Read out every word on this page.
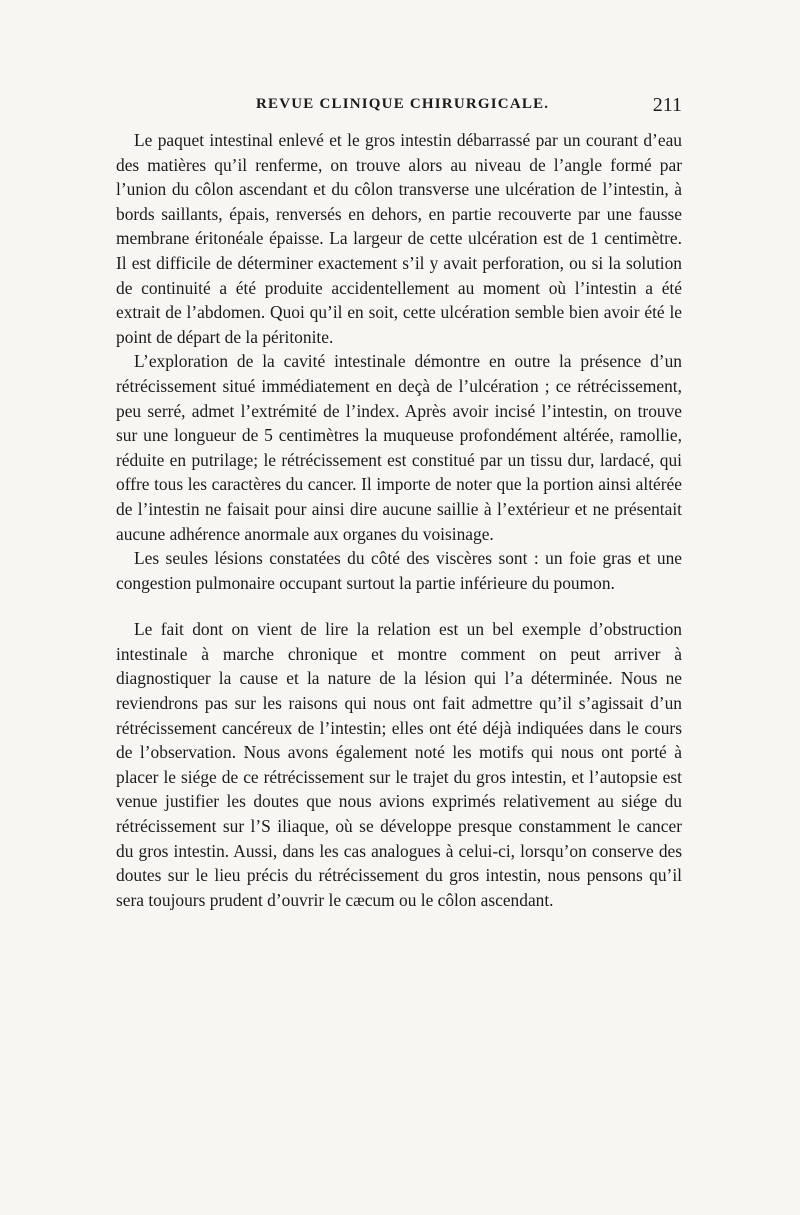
REVUE CLINIQUE CHIRURGICALE.	211

Le paquet intestinal enlevé et le gros intestin débarrassé par un courant d’eau des matières qu’il renferme, on trouve alors au niveau de l’angle formé par l’union du côlon ascendant et du côlon transverse une ulcération de l’intestin, à bords saillants, épais, renversés en dehors, en partie recouverte par une fausse membrane éritonéale épaisse. La largeur de cette ulcération est de 1 centimètre. Il est difficile de déterminer exactement s’il y avait perforation, ou si la solution de continuité a été produite accidentellement au moment où l’intestin a été extrait de l’abdomen. Quoi qu’il en soit, cette ulcération semble bien avoir été le point de départ de la péritonite.

L’exploration de la cavité intestinale démontre en outre la présence d’un rétrécissement situé immédiatement en deçà de l’ulcération ; ce rétrécissement, peu serré, admet l’extrémité de l’index. Après avoir incisé l’intestin, on trouve sur une longueur de 5 centimètres la muqueuse profondément altérée, ramollie, réduite en putrilage; le rétrécissement est constitué par un tissu dur, lardacé, qui offre tous les caractères du cancer. Il importe de noter que la portion ainsi altérée de l’intestin ne faisait pour ainsi dire aucune saillie à l’extérieur et ne présentait aucune adhérence anormale aux organes du voisinage.

Les seules lésions constatées du côté des viscères sont : un foie gras et une congestion pulmonaire occupant surtout la partie inférieure du poumon.

Le fait dont on vient de lire la relation est un bel exemple d’obstruction intestinale à marche chronique et montre comment on peut arriver à diagnostiquer la cause et la nature de la lésion qui l’a déterminée. Nous ne reviendrons pas sur les raisons qui nous ont fait admettre qu’il s’agissait d’un rétrécissement cancéreux de l’intestin; elles ont été déjà indiquées dans le cours de l’observation. Nous avons également noté les motifs qui nous ont porté à placer le siége de ce rétrécissement sur le trajet du gros intestin, et l’autopsie est venue justifier les doutes que nous avions exprimés relativement au siége du rétrécissement sur l’S iliaque, où se développe presque constamment le cancer du gros intestin. Aussi, dans les cas analogues à celui-ci, lorsqu’on conserve des doutes sur le lieu précis du rétrécissement du gros intestin, nous pensons qu’il sera toujours prudent d’ouvrir le cæcum ou le côlon ascendant.
